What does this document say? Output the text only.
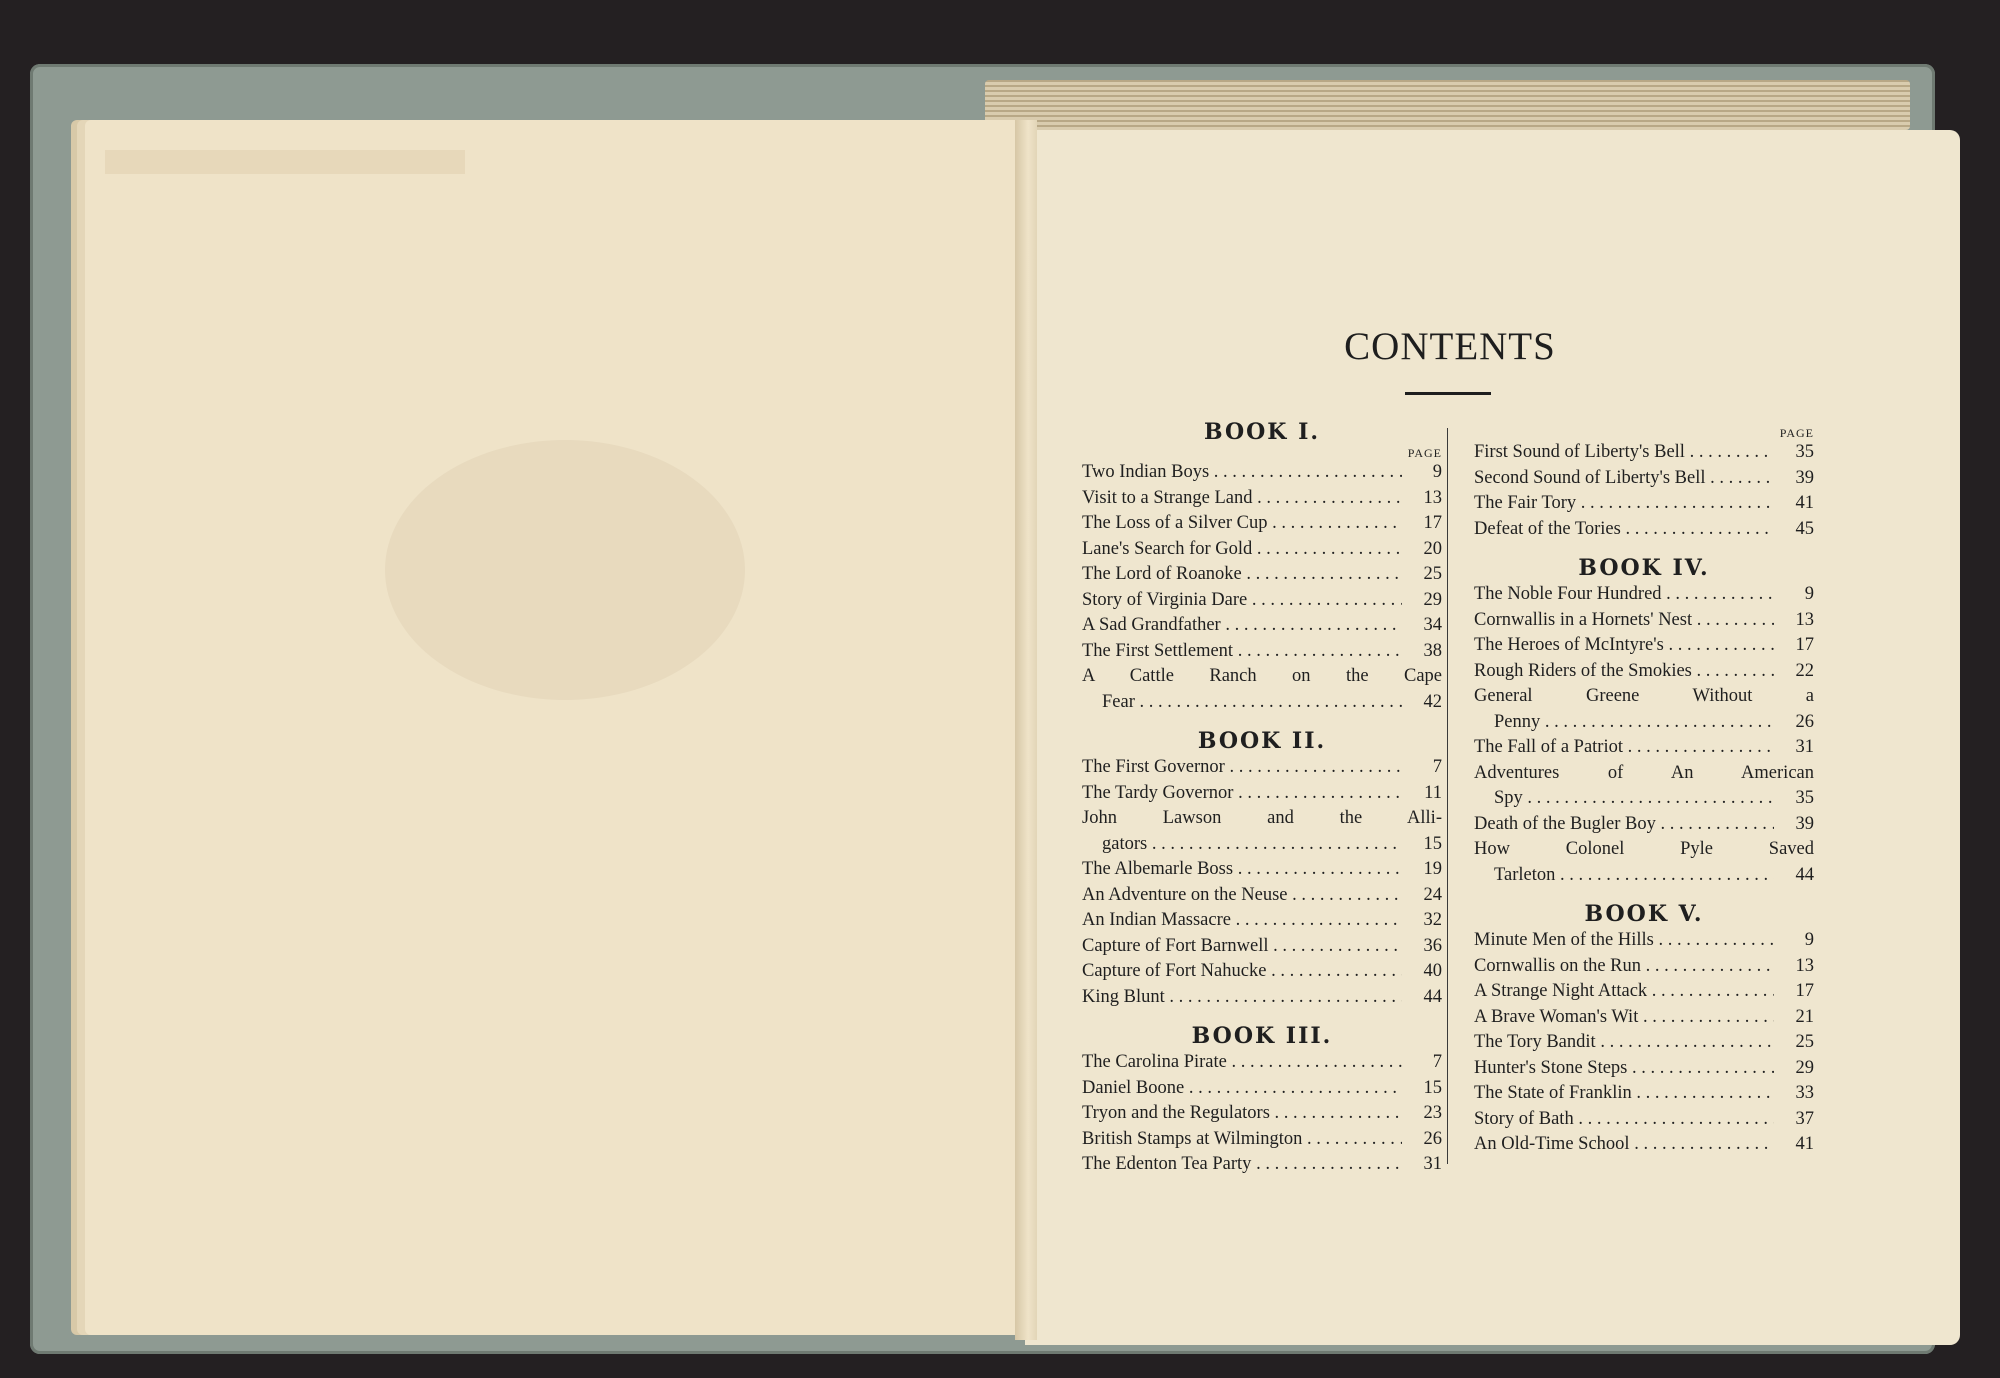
CONTENTS
BOOK I.
PAGE
Two Indian Boys . . .	9
Visit to a Strange Land . . .	13
The Loss of a Silver Cup . . .	17
Lane's Search for Gold . . .	20
The Lord of Roanoke . . .	25
Story of Virginia Dare . . .	29
A Sad Grandfather . . .	34
The First Settlement . . .	38
A Cattle Ranch on the Cape
Fear . . .	42
BOOK II.
The First Governor . . .	7
The Tardy Governor . . .	11
John Lawson and the Alli-
gators . . .	15
The Albemarle Boss . . .	19
An Adventure on the Neuse . . .	24
An Indian Massacre . . .	32
Capture of Fort Barnwell . . .	36
Capture of Fort Nahucke . . .	40
King Blunt . . .	44
BOOK III.
The Carolina Pirate . . .	7
Daniel Boone . . .	15
Tryon and the Regulators . . .	23
British Stamps at Wilmington . . .	26
The Edenton Tea Party . . .	31
PAGE
First Sound of Liberty's Bell . . .	35
Second Sound of Liberty's Bell . . .	39
The Fair Tory . . .	41
Defeat of the Tories . . .	45
BOOK IV.
The Noble Four Hundred . . .	9
Cornwallis in a Hornets' Nest . . .	13
The Heroes of McIntyre's . . .	17
Rough Riders of the Smokies . . .	22
General Greene Without a
Penny . . .	26
The Fall of a Patriot . . .	31
Adventures of An American
Spy . . .	35
Death of the Bugler Boy . . .	39
How Colonel Pyle Saved
Tarleton . . .	44
BOOK V.
Minute Men of the Hills . . .	9
Cornwallis on the Run . . .	13
A Strange Night Attack . . .	17
A Brave Woman's Wit . . .	21
The Tory Bandit . . .	25
Hunter's Stone Steps . . .	29
The State of Franklin . . .	33
Story of Bath . . .	37
An Old-Time School . . .	41
